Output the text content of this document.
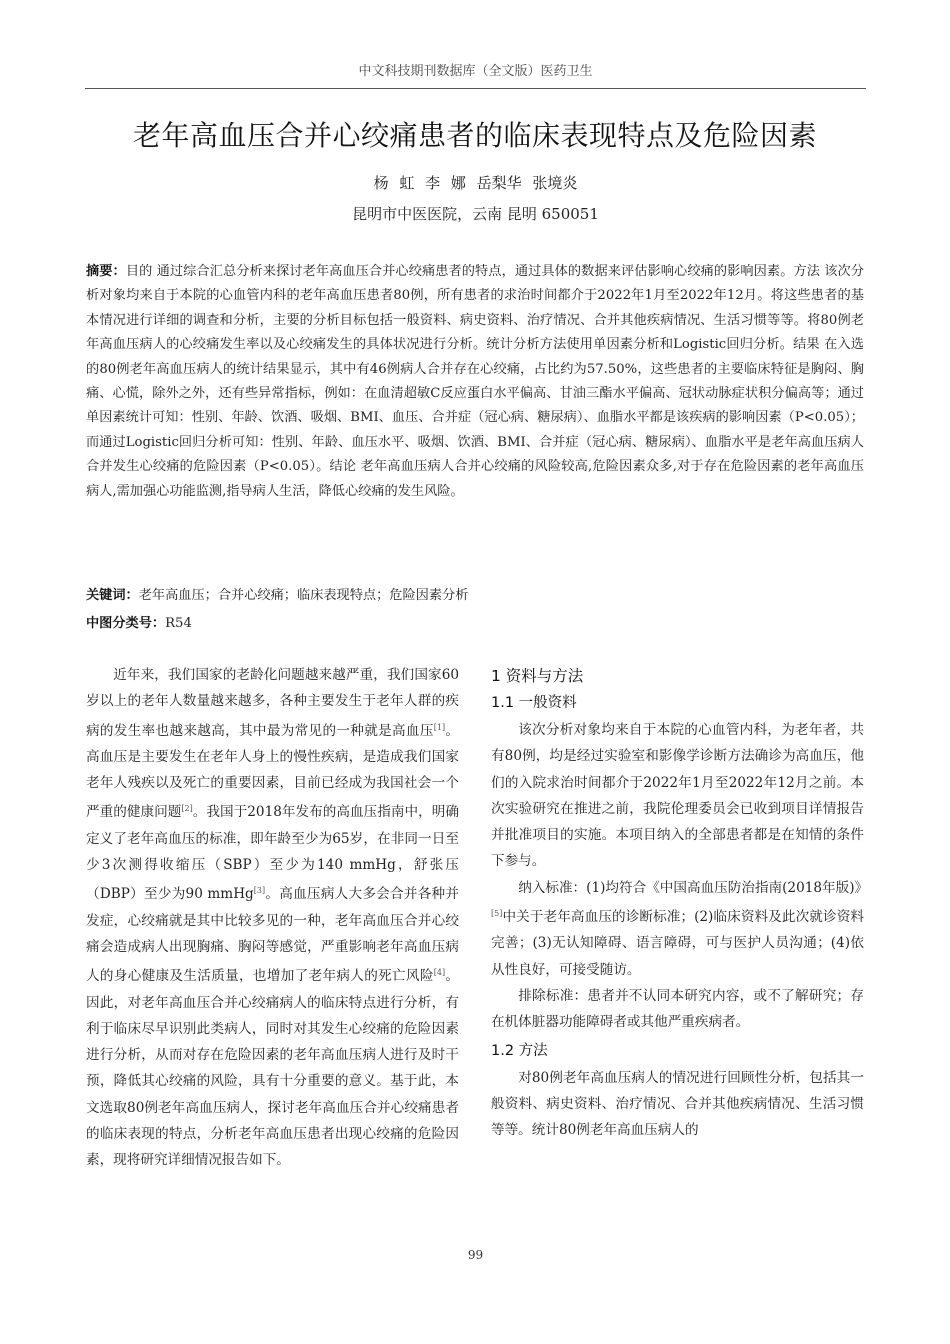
中文科技期刊数据库（全文版）医药卫生
老年高血压合并心绞痛患者的临床表现特点及危险因素
杨 虹 李 娜 岳梨华 张境炎
昆明市中医医院，云南 昆明 650051

摘要：目的 通过综合汇总分析来探讨老年高血压合并心绞痛患者的特点，通过具体的数据来评估影响心绞痛的影响因素。方法 该次分析对象均来自于本院的心血管内科的老年高血压患者80例，所有患者的求治时间都介于2022年1月至2022年12月。将这些患者的基本情况进行详细的调查和分析，主要的分析目标包括一般资料、病史资料、治疗情况、合并其他疾病情况、生活习惯等等。将80例老年高血压病人的心绞痛发生率以及心绞痛发生的具体状况进行分析。统计分析方法使用单因素分析和Logistic回归分析。结果 在入选的80例老年高血压病人的统计结果显示，其中有46例病人合并存在心绞痛，占比约为57.50%，这些患者的主要临床特征是胸闷、胸痛、心慌，除外之外，还有些异常指标，例如：在血清超敏C反应蛋白水平偏高、甘油三酯水平偏高、冠状动脉症状积分偏高等；通过单因素统计可知：性别、年龄、饮酒、吸烟、BMI、血压、合并症（冠心病、糖尿病）、血脂水平都是该疾病的影响因素（P<0.05）；而通过Logistic回归分析可知：性别、年龄、血压水平、吸烟、饮酒、BMI、合并症（冠心病、糖尿病）、血脂水平是老年高血压病人合并发生心绞痛的危险因素（P<0.05）。结论 老年高血压病人合并心绞痛的风险较高,危险因素众多,对于存在危险因素的老年高血压病人,需加强心功能监测,指导病人生活，降低心绞痛的发生风险。

关键词：老年高血压；合并心绞痛；临床表现特点；危险因素分析

中图分类号：R54

近年来，我们国家的老龄化问题越来越严重，我们国家60岁以上的老年人数量越来越多，各种主要发生于老年人群的疾病的发生率也越来越高，其中最为常见的一种就是高血压[1]。高血压是主要发生在老年人身上的慢性疾病，是造成我们国家老年人残疾以及死亡的重要因素，目前已经成为我国社会一个严重的健康问题[2]。我国于2018年发布的高血压指南中，明确定义了老年高血压的标准，即年龄至少为65岁，在非同一日至少3次测得收缩压（SBP）至少为140 mmHg，舒张压（DBP）至少为90 mmHg[3]。高血压病人大多会合并各种并发症，心绞痛就是其中比较多见的一种，老年高血压合并心绞痛会造成病人出现胸痛、胸闷等感觉，严重影响老年高血压病人的身心健康及生活质量，也增加了老年病人的死亡风险[4]。因此，对老年高血压合并心绞痛病人的临床特点进行分析，有利于临床尽早识别此类病人，同时对其发生心绞痛的危险因素进行分析，从而对存在危险因素的老年高血压病人进行及时干预，降低其心绞痛的风险，具有十分重要的意义。基于此，本文选取80例老年高血压病人，探讨老年高血压合并心绞痛患者的临床表现的特点，分析老年高血压患者出现心绞痛的危险因素，现将研究详细情况报告如下。

1 资料与方法
1.1 一般资料

该次分析对象均来自于本院的心血管内科，为老年者，共有80例，均是经过实验室和影像学诊断方法确诊为高血压，他们的入院求治时间都介于2022年1月至2022年12月之前。本次实验研究在推进之前，我院伦理委员会已收到项目详情报告并批准项目的实施。本项目纳入的全部患者都是在知情的条件下参与。

纳入标准：(1)均符合《中国高血压防治指南(2018年版)》[5]中关于老年高血压的诊断标准；(2)临床资料及此次就诊资料完善；(3)无认知障碍、语言障碍，可与医护人员沟通；(4)依从性良好，可接受随访。

排除标准：患者并不认同本研究内容，或不了解研究；存在机体脏器功能障碍者或其他严重疾病者。

1.2 方法

对80例老年高血压病人的情况进行回顾性分析，包括其一般资料、病史资料、治疗情况、合并其他疾病情况、生活习惯等等。统计80例老年高血压病人的

99
